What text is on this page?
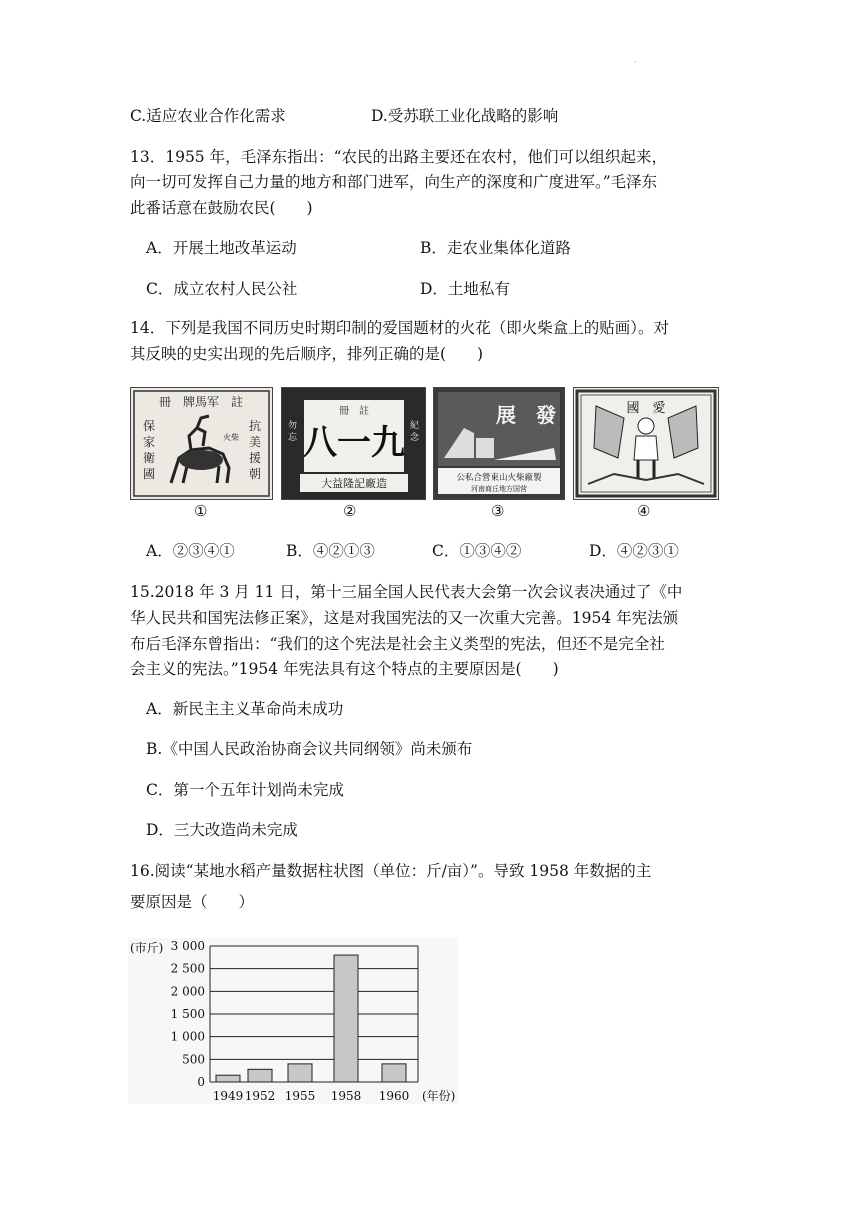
·
C.适应农业合作化需求	D.受苏联工业化战略的影响
13．1955 年，毛泽东指出：“农民的出路主要还在农村，他们可以组织起来，
向一切可发挥自己力量的地方和部门进军，向生产的深度和广度进军。”毛泽东
此番话意在鼓励农民(　　)
A．开展土地改革运动	B．走农业集体化道路
C．成立农村人民公社	D．土地私有
14．下列是我国不同历史时期印制的爱国题材的火花（即火柴盒上的贴画）。对
其反映的史实出现的先后顺序，排列正确的是(　　)
冊　牌馬军　註
保
家
衛
國
抗
美
援
朝
火柴
①
冊　註
八一九
大益隆記廠造
勿
忘
紀
念
②
展　發
公私合營東山火柴廠製
河南商丘地方国营
③
國　愛
④
A．②③④①	B．④②①③	C．①③④②	D．④②③①
15.2018 年 3 月 11 日，第十三届全国人民代表大会第一次会议表决通过了《中
华人民共和国宪法修正案》，这是对我国宪法的又一次重大完善。1954 年宪法颁
布后毛泽东曾指出：“我们的这个宪法是社会主义类型的宪法，但还不是完全社
会主义的宪法。”1954 年宪法具有这个特点的主要原因是(　　)
A．新民主主义革命尚未成功
B.《中国人民政治协商会议共同纲领》尚未颁布
C．第一个五年计划尚未完成
D．三大改造尚未完成
16.阅读“某地水稻产量数据柱状图（单位：斤/亩）”。导致 1958 年数据的主
要原因是（　　）
0
500
1 000
1 500
2 000
2 500
3 000
(市斤)
1949 1952 1955 1958 1960 (年份)
